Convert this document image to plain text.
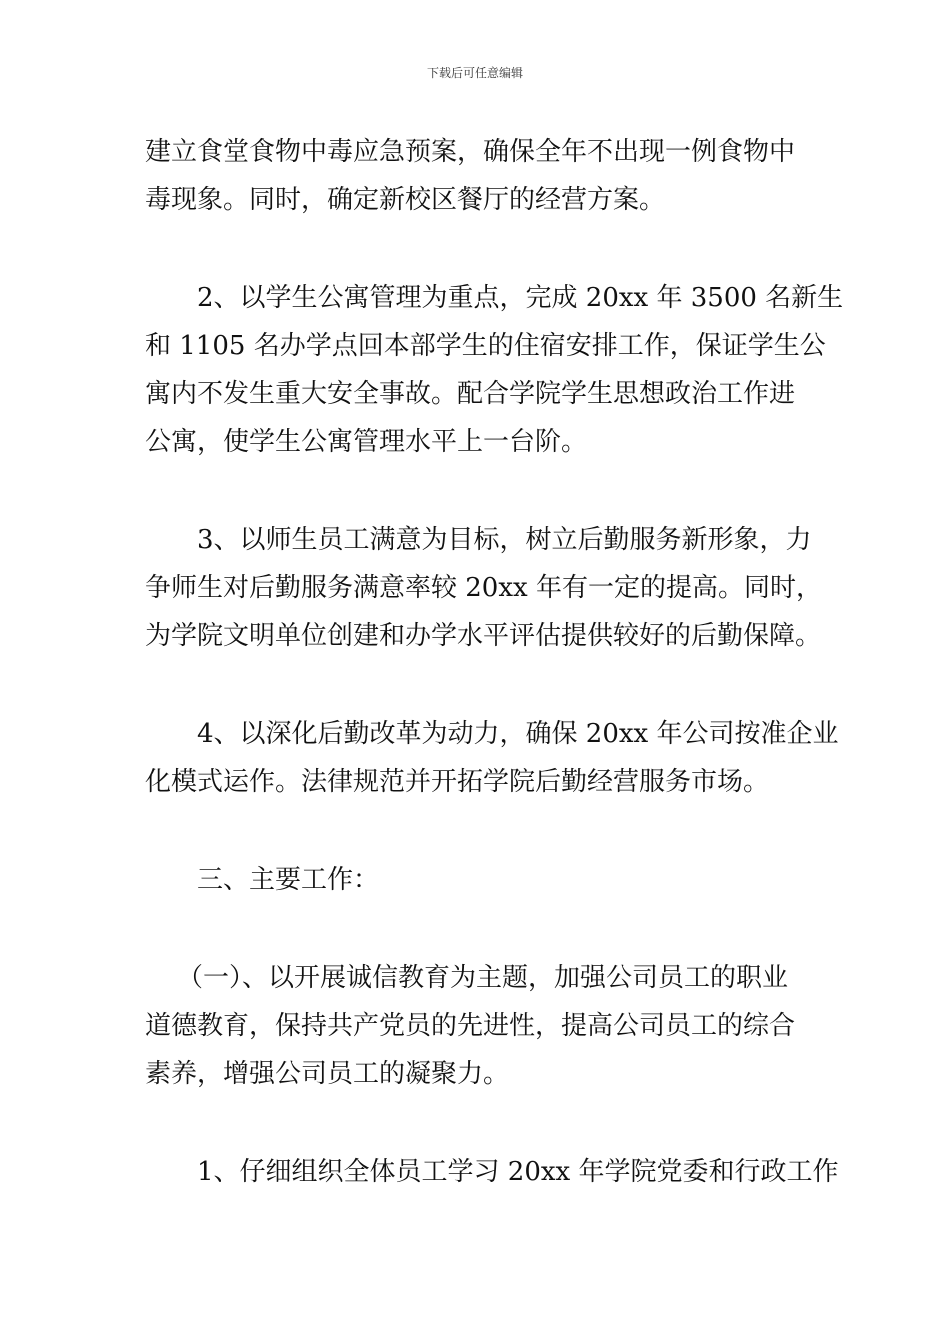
下载后可任意编辑
建立食堂食物中毒应急预案，确保全年不出现一例食物中
毒现象。同时，确定新校区餐厅的经营方案。
2、以学生公寓管理为重点，完成 20xx 年 3500 名新生
和 1105 名办学点回本部学生的住宿安排工作，保证学生公
寓内不发生重大安全事故。配合学院学生思想政治工作进
公寓，使学生公寓管理水平上一台阶。
3、以师生员工满意为目标，树立后勤服务新形象，力
争师生对后勤服务满意率较 20xx 年有一定的提高。同时，
为学院文明单位创建和办学水平评估提供较好的后勤保障。
4、以深化后勤改革为动力，确保 20xx 年公司按准企业
化模式运作。法律规范并开拓学院后勤经营服务市场。
三、主要工作：
（一）、以开展诚信教育为主题，加强公司员工的职业
道德教育，保持共产党员的先进性，提高公司员工的综合
素养，增强公司员工的凝聚力。
1、仔细组织全体员工学习 20xx 年学院党委和行政工作
